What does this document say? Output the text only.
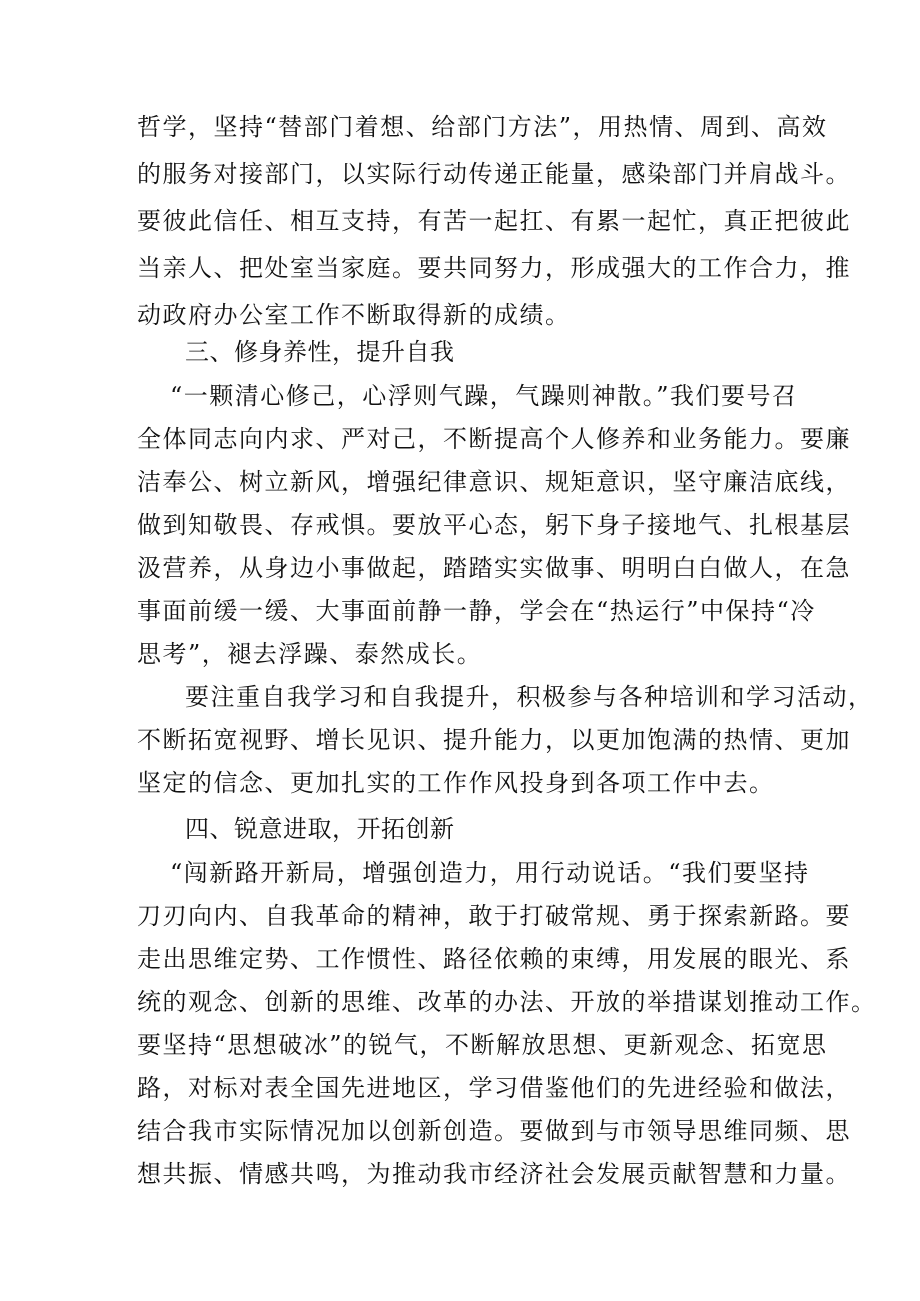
哲学，坚持“替部门着想、给部门方法”，用热情、周到、高效
的服务对接部门，以实际行动传递正能量，感染部门并肩战斗。
要彼此信任、相互支持，有苦一起扛、有累一起忙，真正把彼此
当亲人、把处室当家庭。要共同努力，形成强大的工作合力，推
动政府办公室工作不断取得新的成绩。
三、修身养性，提升自我
“一颗清心修己，心浮则气躁，气躁则神散。”我们要号召
全体同志向内求、严对己，不断提高个人修养和业务能力。要廉
洁奉公、树立新风，增强纪律意识、规矩意识，坚守廉洁底线，
做到知敬畏、存戒惧。要放平心态，躬下身子接地气、扎根基层
汲营养，从身边小事做起，踏踏实实做事、明明白白做人，在急
事面前缓一缓、大事面前静一静，学会在“热运行”中保持“冷
思考”，褪去浮躁、泰然成长。
要注重自我学习和自我提升，积极参与各种培训和学习活动，
不断拓宽视野、增长见识、提升能力，以更加饱满的热情、更加
坚定的信念、更加扎实的工作作风投身到各项工作中去。
四、锐意进取，开拓创新
“闯新路开新局，增强创造力，用行动说话。“我们要坚持
刀刃向内、自我革命的精神，敢于打破常规、勇于探索新路。要
走出思维定势、工作惯性、路径依赖的束缚，用发展的眼光、系
统的观念、创新的思维、改革的办法、开放的举措谋划推动工作。
要坚持“思想破冰”的锐气，不断解放思想、更新观念、拓宽思
路，对标对表全国先进地区，学习借鉴他们的先进经验和做法，
结合我市实际情况加以创新创造。要做到与市领导思维同频、思
想共振、情感共鸣，为推动我市经济社会发展贡献智慧和力量。
